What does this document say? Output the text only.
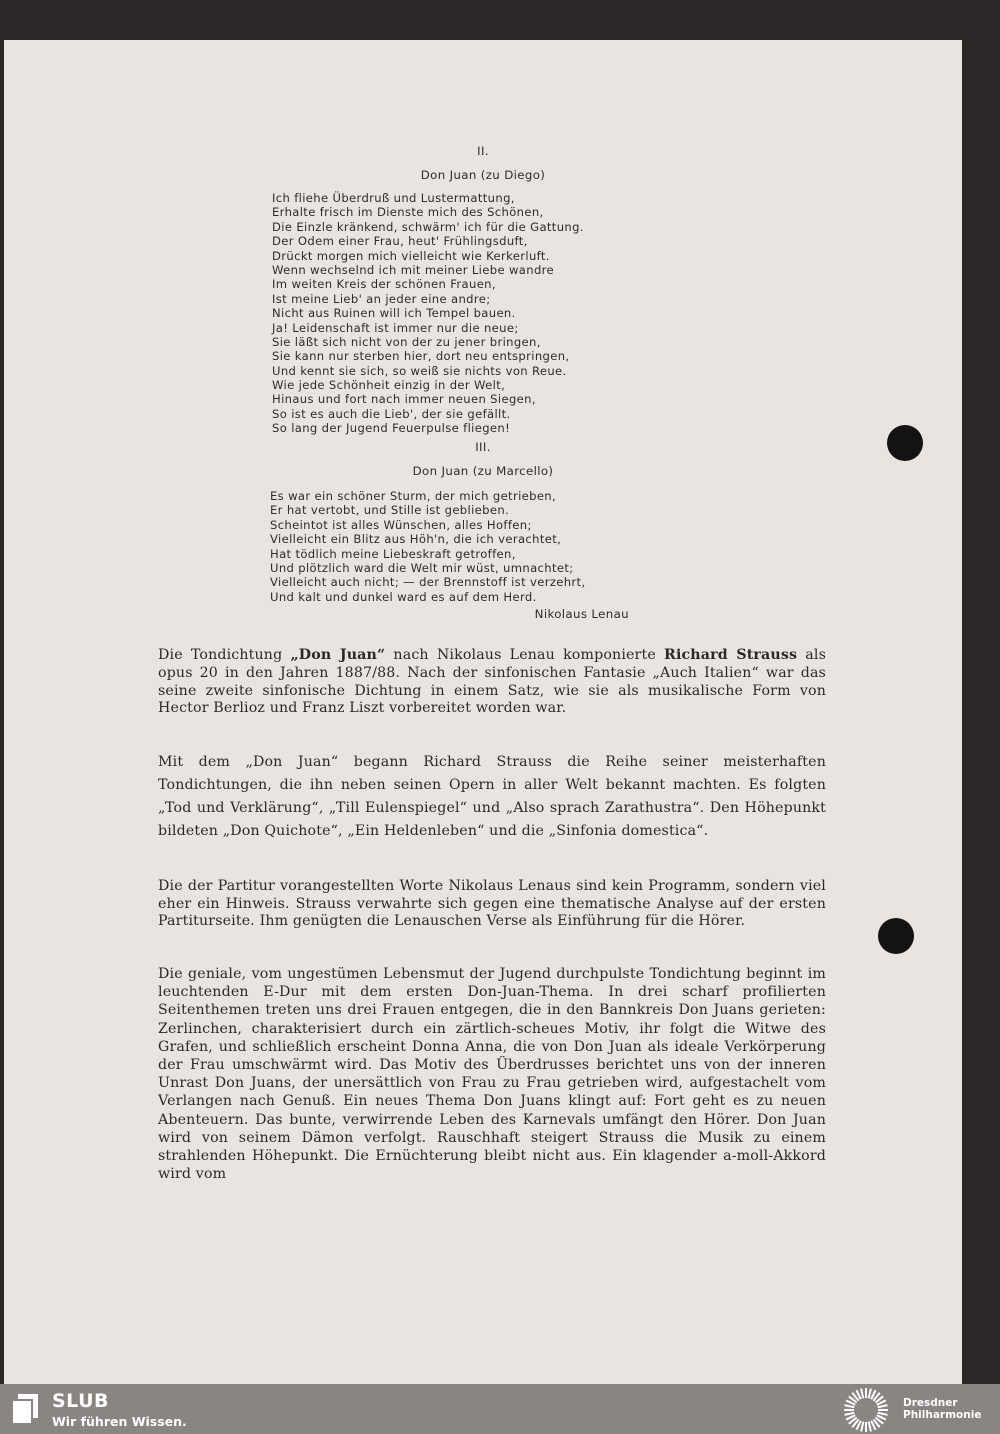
II.
Don Juan (zu Diego)
Ich fliehe Überdruß und Lustermattung,
Erhalte frisch im Dienste mich des Schönen,
Die Einzle kränkend, schwärm' ich für die Gattung.
Der Odem einer Frau, heut' Frühlingsduft,
Drückt morgen mich vielleicht wie Kerkerluft.
Wenn wechselnd ich mit meiner Liebe wandre
Im weiten Kreis der schönen Frauen,
Ist meine Lieb' an jeder eine andre;
Nicht aus Ruinen will ich Tempel bauen.
Ja! Leidenschaft ist immer nur die neue;
Sie läßt sich nicht von der zu jener bringen,
Sie kann nur sterben hier, dort neu entspringen,
Und kennt sie sich, so weiß sie nichts von Reue.
Wie jede Schönheit einzig in der Welt,
Hinaus und fort nach immer neuen Siegen,
So ist es auch die Lieb', der sie gefällt.
So lang der Jugend Feuerpulse fliegen!
III.
Don Juan (zu Marcello)
Es war ein schöner Sturm, der mich getrieben,
Er hat vertobt, und Stille ist geblieben.
Scheintot ist alles Wünschen, alles Hoffen;
Vielleicht ein Blitz aus Höh'n, die ich verachtet,
Hat tödlich meine Liebeskraft getroffen,
Und plötzlich ward die Welt mir wüst, umnachtet;
Vielleicht auch nicht; — der Brennstoff ist verzehrt,
Und kalt und dunkel ward es auf dem Herd.
Nikolaus Lenau
Die Tondichtung „Don Juan“ nach Nikolaus Lenau komponierte Richard Strauss als opus 20 in den Jahren 1887/88. Nach der sinfonischen Fantasie „Auch Italien“ war das seine zweite sinfonische Dichtung in einem Satz, wie sie als musikalische Form von Hector Berlioz und Franz Liszt vorbereitet worden war.
Mit dem „Don Juan“ begann Richard Strauss die Reihe seiner meisterhaften Tondichtungen, die ihn neben seinen Opern in aller Welt bekannt machten. Es folgten „Tod und Verklärung“, „Till Eulenspiegel“ und „Also sprach Zarathustra“. Den Höhepunkt bildeten „Don Quichote“, „Ein Heldenleben“ und die „Sinfonia domestica“.
Die der Partitur vorangestellten Worte Nikolaus Lenaus sind kein Programm, sondern viel eher ein Hinweis. Strauss verwahrte sich gegen eine thematische Analyse auf der ersten Partiturseite. Ihm genügten die Lenauschen Verse als Einführung für die Hörer.
Die geniale, vom ungestümen Lebensmut der Jugend durchpulste Tondichtung beginnt im leuchtenden E-Dur mit dem ersten Don-Juan-Thema. In drei scharf profilierten Seitenthemen treten uns drei Frauen entgegen, die in den Bannkreis Don Juans gerieten: Zerlinchen, charakterisiert durch ein zärtlich-scheues Motiv, ihr folgt die Witwe des Grafen, und schließlich erscheint Donna Anna, die von Don Juan als ideale Verkörperung der Frau umschwärmt wird. Das Motiv des Überdrusses berichtet uns von der inneren Unrast Don Juans, der unersättlich von Frau zu Frau getrieben wird, aufgestachelt vom Verlangen nach Genuß. Ein neues Thema Don Juans klingt auf: Fort geht es zu neuen Abenteuern. Das bunte, verwirrende Leben des Karnevals umfängt den Hörer. Don Juan wird von seinem Dämon verfolgt. Rauschhaft steigert Strauss die Musik zu einem strahlenden Höhepunkt. Die Ernüchterung bleibt nicht aus. Ein klagender a-moll-Akkord wird vom
SLUB
Wir führen Wissen.
Dresdner
Philharmonie
